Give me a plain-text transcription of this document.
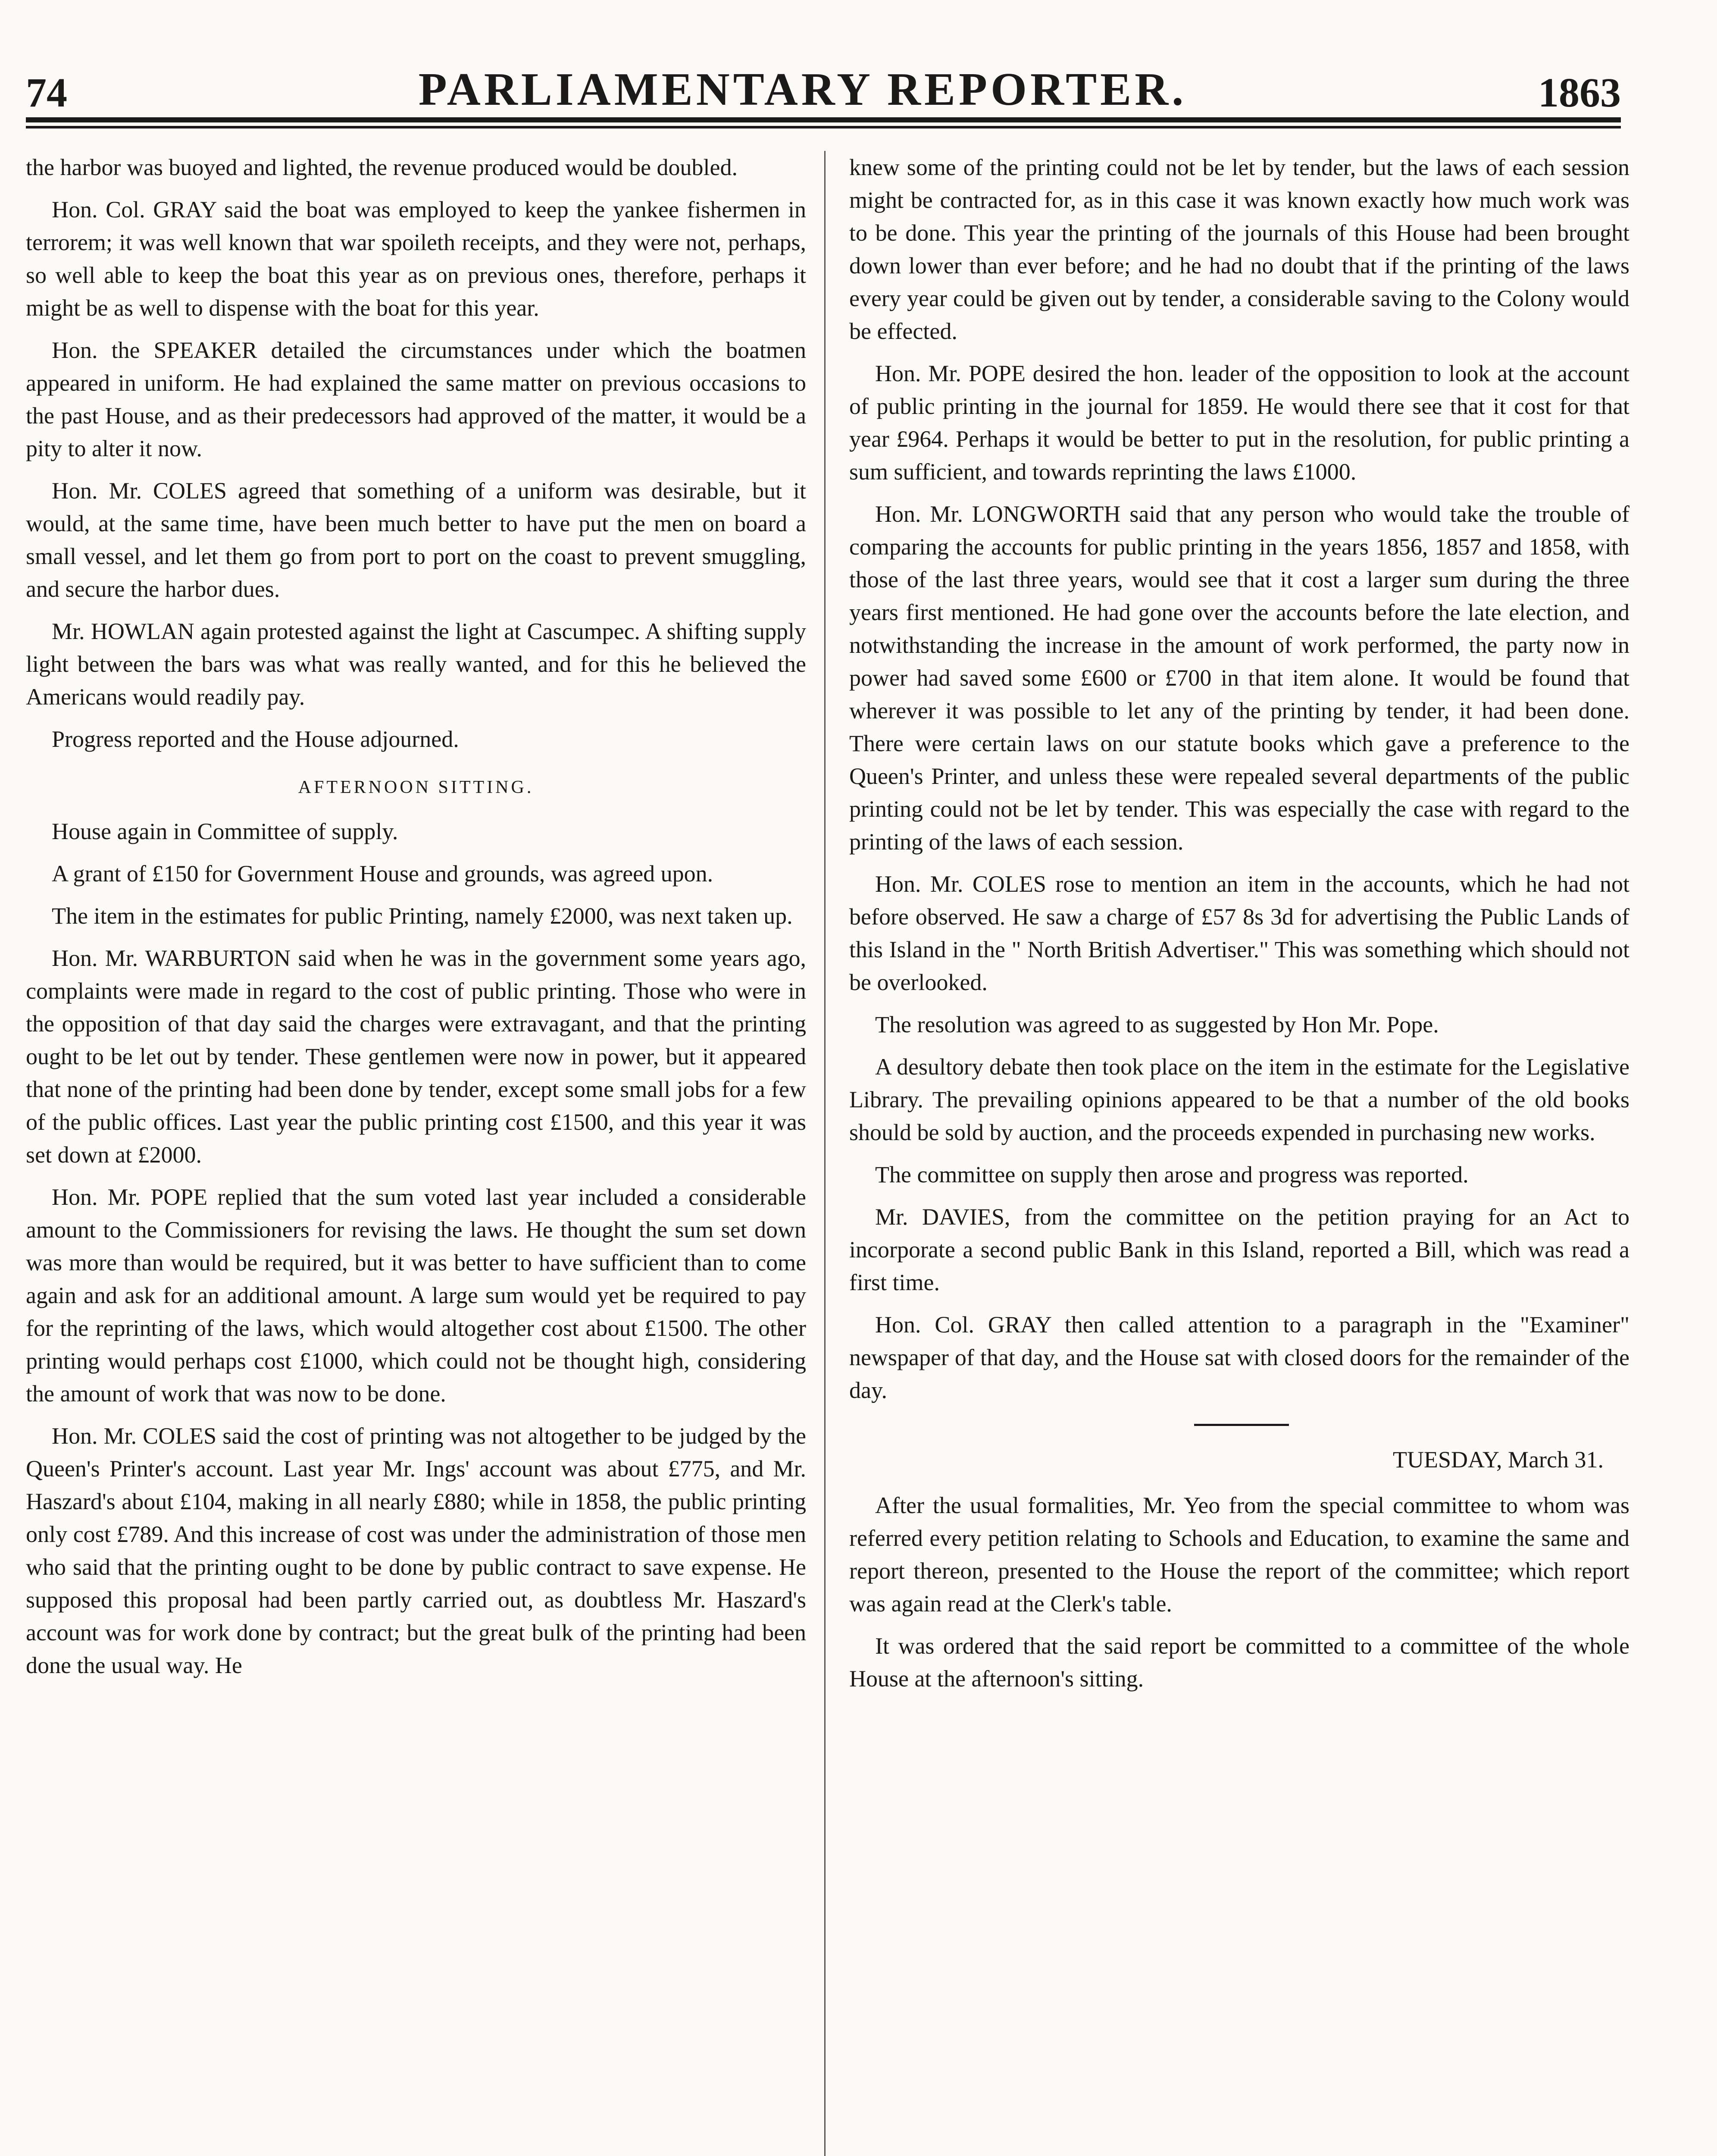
74	PARLIAMENTARY REPORTER.	1863

the harbor was buoyed and lighted, the revenue produced would be doubled.

Hon. Col. GRAY said the boat was employed to keep the yankee fishermen in terrorem; it was well known that war spoileth receipts, and they were not, perhaps, so well able to keep the boat this year as on previous ones, therefore, perhaps it might be as well to dispense with the boat for this year.

Hon. the SPEAKER detailed the circumstances under which the boatmen appeared in uniform. He had explained the same matter on previous occasions to the past House, and as their predecessors had approved of the matter, it would be a pity to alter it now.

Hon. Mr. COLES agreed that something of a uniform was desirable, but it would, at the same time, have been much better to have put the men on board a small vessel, and let them go from port to port on the coast to prevent smuggling, and secure the harbor dues.

Mr. HOWLAN again protested against the light at Cascumpec. A shifting supply light between the bars was what was really wanted, and for this he believed the Americans would readily pay.

Progress reported and the House adjourned.

AFTERNOON SITTING.

House again in Committee of supply.

A grant of £150 for Government House and grounds, was agreed upon.

The item in the estimates for public Printing, namely £2000, was next taken up.

Hon. Mr. WARBURTON said when he was in the government some years ago, complaints were made in regard to the cost of public printing. Those who were in the opposition of that day said the charges were extravagant, and that the printing ought to be let out by tender. These gentlemen were now in power, but it appeared that none of the printing had been done by tender, except some small jobs for a few of the public offices. Last year the public printing cost £1500, and this year it was set down at £2000.

Hon. Mr. POPE replied that the sum voted last year included a considerable amount to the Commissioners for revising the laws. He thought the sum set down was more than would be required, but it was better to have sufficient than to come again and ask for an additional amount. A large sum would yet be required to pay for the reprinting of the laws, which would altogether cost about £1500. The other printing would perhaps cost £1000, which could not be thought high, considering the amount of work that was now to be done.

Hon. Mr. COLES said the cost of printing was not altogether to be judged by the Queen's Printer's account. Last year Mr. Ings' account was about £775, and Mr. Haszard's about £104, making in all nearly £880; while in 1858, the public printing only cost £789. And this increase of cost was under the administration of those men who said that the printing ought to be done by public contract to save expense. He supposed this proposal had been partly carried out, as doubtless Mr. Haszard's account was for work done by contract; but the great bulk of the printing had been done the usual way. He

knew some of the printing could not be let by tender, but the laws of each session might be contracted for, as in this case it was known exactly how much work was to be done. This year the printing of the journals of this House had been brought down lower than ever before; and he had no doubt that if the printing of the laws every year could be given out by tender, a considerable saving to the Colony would be effected.

Hon. Mr. POPE desired the hon. leader of the opposition to look at the account of public printing in the journal for 1859. He would there see that it cost for that year £964. Perhaps it would be better to put in the resolution, for public printing a sum sufficient, and towards reprinting the laws £1000.

Hon. Mr. LONGWORTH said that any person who would take the trouble of comparing the accounts for public printing in the years 1856, 1857 and 1858, with those of the last three years, would see that it cost a larger sum during the three years first mentioned. He had gone over the accounts before the late election, and notwithstanding the increase in the amount of work performed, the party now in power had saved some £600 or £700 in that item alone. It would be found that wherever it was possible to let any of the printing by tender, it had been done. There were certain laws on our statute books which gave a preference to the Queen's Printer, and unless these were repealed several departments of the public printing could not be let by tender. This was especially the case with regard to the printing of the laws of each session.

Hon. Mr. COLES rose to mention an item in the accounts, which he had not before observed. He saw a charge of £57 8s 3d for advertising the Public Lands of this Island in the " North British Advertiser." This was something which should not be overlooked.

The resolution was agreed to as suggested by Hon Mr. Pope.

A desultory debate then took place on the item in the estimate for the Legislative Library. The prevailing opinions appeared to be that a number of the old books should be sold by auction, and the proceeds expended in purchasing new works.

The committee on supply then arose and progress was reported.

Mr. DAVIES, from the committee on the petition praying for an Act to incorporate a second public Bank in this Island, reported a Bill, which was read a first time.

Hon. Col. GRAY then called attention to a paragraph in the "Examiner" newspaper of that day, and the House sat with closed doors for the remainder of the day.

TUESDAY, March 31.

After the usual formalities, Mr. Yeo from the special committee to whom was referred every petition relating to Schools and Education, to examine the same and report thereon, presented to the House the report of the committee; which report was again read at the Clerk's table.

It was ordered that the said report be committed to a committee of the whole House at the afternoon's sitting.
